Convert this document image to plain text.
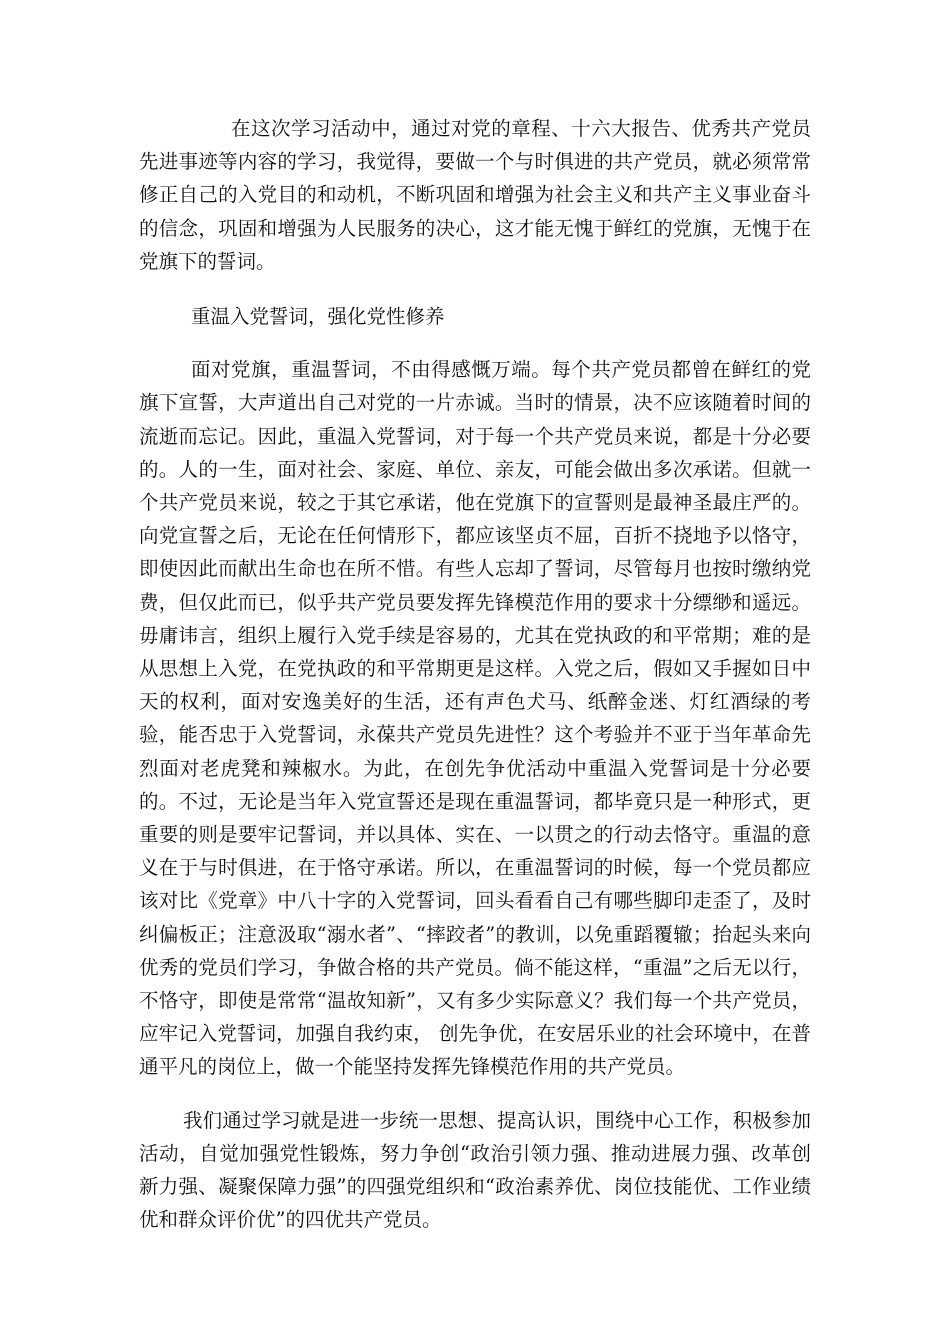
在这次学习活动中，通过对党的章程、十六大报告、优秀共产党员先进事迹等内容的学习，我觉得，要做一个与时俱进的共产党员，就必须常常修正自己的入党目的和动机，不断巩固和增强为社会主义和共产主义事业奋斗的信念，巩固和增强为人民服务的决心，这才能无愧于鲜红的党旗，无愧于在党旗下的誓词。

重温入党誓词，强化党性修养

面对党旗，重温誓词，不由得感慨万端。每个共产党员都曾在鲜红的党旗下宣誓，大声道出自己对党的一片赤诚。当时的情景，决不应该随着时间的流逝而忘记。因此，重温入党誓词，对于每一个共产党员来说，都是十分必要的。人的一生，面对社会、家庭、单位、亲友，可能会做出多次承诺。但就一个共产党员来说，较之于其它承诺，他在党旗下的宣誓则是最神圣最庄严的。向党宣誓之后，无论在任何情形下，都应该坚贞不屈，百折不挠地予以恪守，即使因此而献出生命也在所不惜。有些人忘却了誓词，尽管每月也按时缴纳党费，但仅此而已，似乎共产党员要发挥先锋模范作用的要求十分缥缈和遥远。毋庸讳言，组织上履行入党手续是容易的，尤其在党执政的和平常期；难的是从思想上入党，在党执政的和平常期更是这样。入党之后，假如又手握如日中天的权利，面对安逸美好的生活，还有声色犬马、纸醉金迷、灯红酒绿的考验，能否忠于入党誓词，永葆共产党员先进性？这个考验并不亚于当年革命先烈面对老虎凳和辣椒水。为此，在创先争优活动中重温入党誓词是十分必要的。不过，无论是当年入党宣誓还是现在重温誓词，都毕竟只是一种形式，更重要的则是要牢记誓词，并以具体、实在、一以贯之的行动去恪守。重温的意义在于与时俱进，在于恪守承诺。所以，在重温誓词的时候，每一个党员都应该对比《党章》中八十字的入党誓词，回头看看自己有哪些脚印走歪了，及时纠偏板正；注意汲取“溺水者”、“摔跤者”的教训，以免重蹈覆辙；抬起头来向优秀的党员们学习，争做合格的共产党员。倘不能这样，“重温”之后无以行，不恪守，即使是常常“温故知新”，又有多少实际意义？我们每一个共产党员，应牢记入党誓词，加强自我约束， 创先争优，在安居乐业的社会环境中，在普通平凡的岗位上，做一个能坚持发挥先锋模范作用的共产党员。

我们通过学习就是进一步统一思想、提高认识，围绕中心工作，积极参加活动，自觉加强党性锻炼，努力争创“政治引领力强、推动进展力强、改革创新力强、凝聚保障力强”的四强党组织和“政治素养优、岗位技能优、工作业绩优和群众评价优”的四优共产党员。
